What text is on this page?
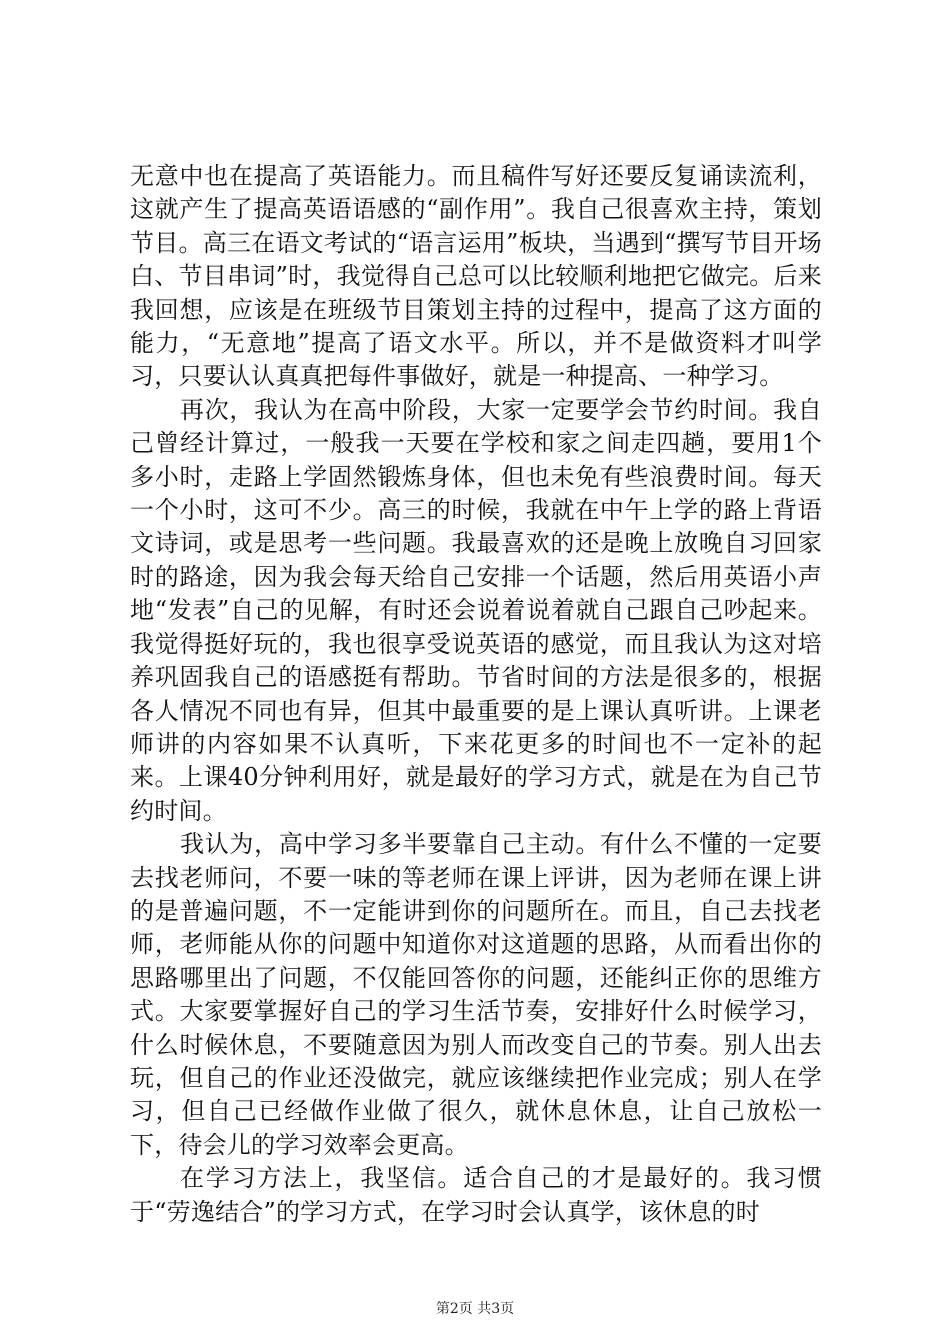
无意中也在提高了英语能力。而且稿件写好还要反复诵读流利，这就产生了提高英语语感的“副作用”。我自己很喜欢主持，策划节目。高三在语文考试的“语言运用”板块，当遇到“撰写节目开场白、节目串词”时，我觉得自己总可以比较顺利地把它做完。后来我回想，应该是在班级节目策划主持的过程中，提高了这方面的能力，“无意地”提高了语文水平。所以，并不是做资料才叫学习，只要认认真真把每件事做好，就是一种提高、一种学习。

再次，我认为在高中阶段，大家一定要学会节约时间。我自己曾经计算过，一般我一天要在学校和家之间走四趟，要用1个多小时，走路上学固然锻炼身体，但也未免有些浪费时间。每天一个小时，这可不少。高三的时候，我就在中午上学的路上背语文诗词，或是思考一些问题。我最喜欢的还是晚上放晚自习回家时的路途，因为我会每天给自己安排一个话题，然后用英语小声地“发表”自己的见解，有时还会说着说着就自己跟自己吵起来。我觉得挺好玩的，我也很享受说英语的感觉，而且我认为这对培养巩固我自己的语感挺有帮助。节省时间的方法是很多的，根据各人情况不同也有异，但其中最重要的是上课认真听讲。上课老师讲的内容如果不认真听，下来花更多的时间也不一定补的起来。上课40分钟利用好，就是最好的学习方式，就是在为自己节约时间。

我认为，高中学习多半要靠自己主动。有什么不懂的一定要去找老师问，不要一味的等老师在课上评讲，因为老师在课上讲的是普遍问题，不一定能讲到你的问题所在。而且，自己去找老师，老师能从你的问题中知道你对这道题的思路，从而看出你的思路哪里出了问题，不仅能回答你的问题，还能纠正你的思维方式。大家要掌握好自己的学习生活节奏，安排好什么时候学习，什么时候休息，不要随意因为别人而改变自己的节奏。别人出去玩，但自己的作业还没做完，就应该继续把作业完成；别人在学习，但自己已经做作业做了很久，就休息休息，让自己放松一下，待会儿的学习效率会更高。

在学习方法上，我坚信。适合自己的才是最好的。我习惯于“劳逸结合”的学习方式，在学习时会认真学，该休息的时

第2页 共3页
